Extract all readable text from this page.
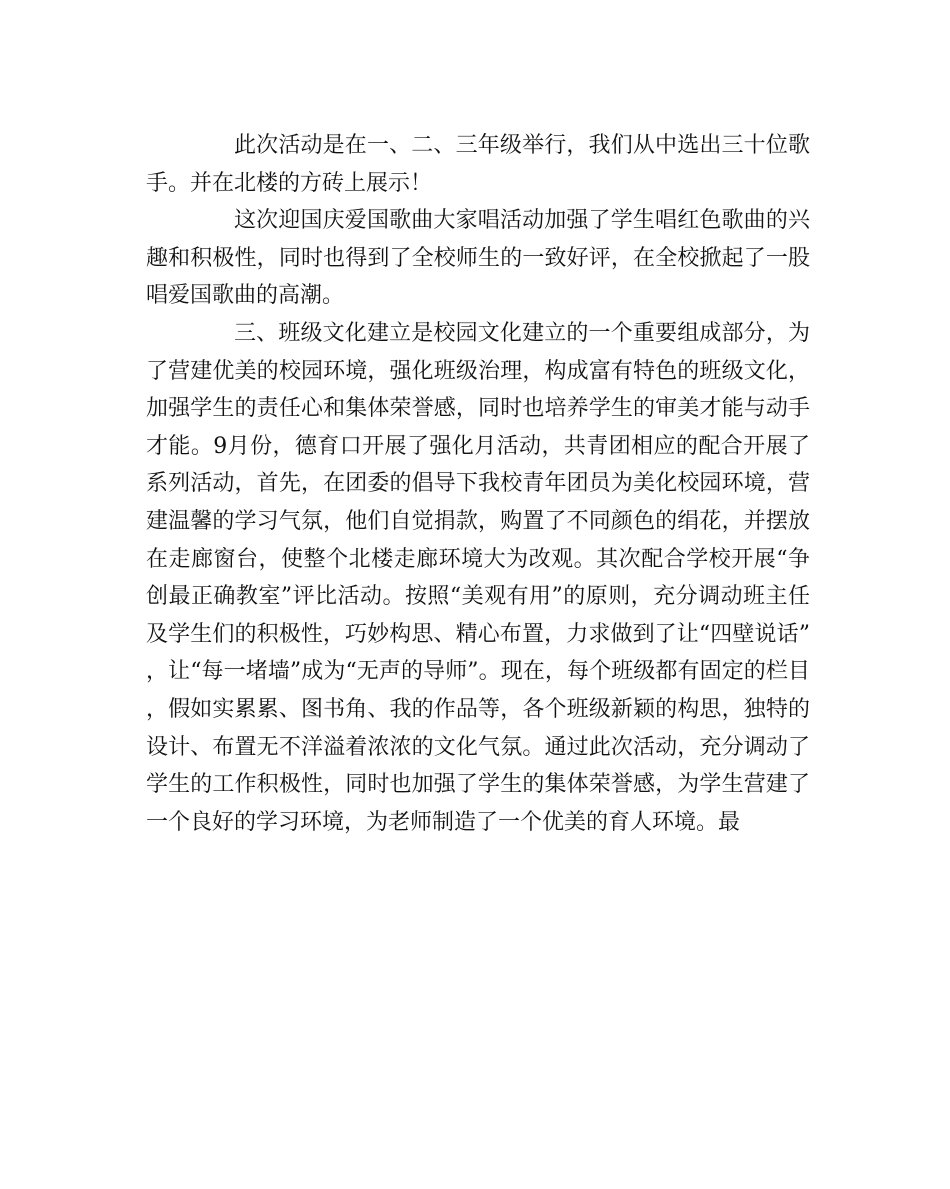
此次活动是在一、二、三年级举行，我们从中选出三十位歌手。并在北楼的方砖上展示！

这次迎国庆爱国歌曲大家唱活动加强了学生唱红色歌曲的兴趣和积极性，同时也得到了全校师生的一致好评，在全校掀起了一股唱爱国歌曲的高潮。

三、班级文化建立是校园文化建立的一个重要组成部分，为了营建优美的校园环境，强化班级治理，构成富有特色的班级文化，加强学生的责任心和集体荣誉感，同时也培养学生的审美才能与动手才能。9月份，德育口开展了强化月活动，共青团相应的配合开展了系列活动，首先，在团委的倡导下我校青年团员为美化校园环境，营建温馨的学习气氛，他们自觉捐款，购置了不同颜色的绢花，并摆放在走廊窗台，使整个北楼走廊环境大为改观。其次配合学校开展“争创最正确教室”评比活动。按照“美观有用”的原则，充分调动班主任及学生们的积极性，巧妙构思、精心布置，力求做到了让“四壁说话”，让“每一堵墙”成为“无声的导师”。现在，每个班级都有固定的栏目，假如实累累、图书角、我的作品等，各个班级新颖的构思，独特的设计、布置无不洋溢着浓浓的文化气氛。通过此次活动，充分调动了学生的工作积极性，同时也加强了学生的集体荣誉感，为学生营建了一个良好的学习环境，为老师制造了一个优美的育人环境。最
